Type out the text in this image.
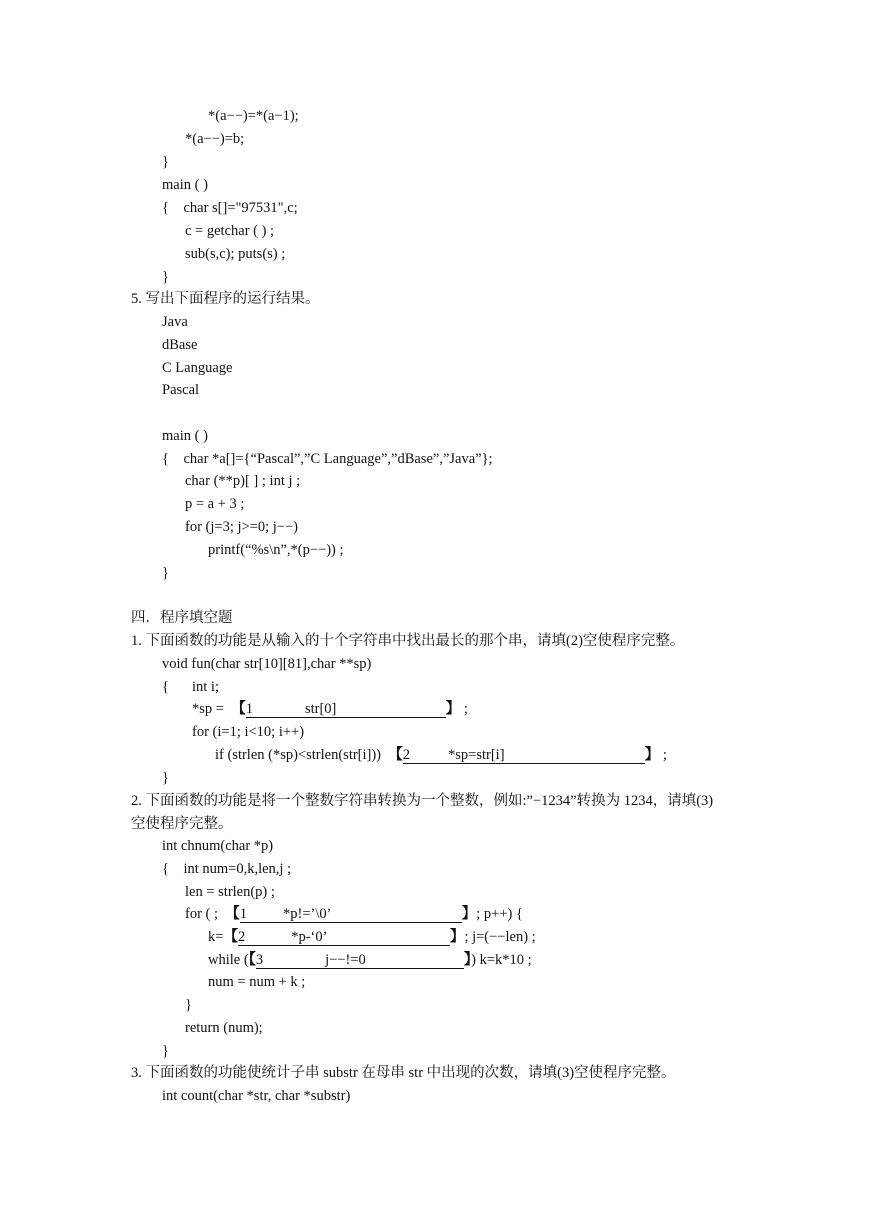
*(a−−)=*(a−1);
*(a−−)=b;
}
main ( )
{    char s[]="97531",c;
c = getchar ( ) ;
sub(s,c); puts(s) ;
}
5. 写出下面程序的运行结果。
Java
dBase
C Language
Pascal
main ( )
{    char *a[]={“Pascal”,”C Language”,”dBase”,”Java”};
char (**p)[ ] ; int j ;
p = a + 3 ;
for (j=3; j>=0; j−−)
printf(“%s\n”,*(p−−)) ;
}
四．程序填空题
1. 下面函数的功能是从输入的十个字符串中找出最长的那个串，请填(2)空使程序完整。
void fun(char str[10][81],char **sp)
{ int i;
*sp =  【1	str[0]	】 ;
for (i=1; i<10; i++)
if (strlen (*sp)<strlen(str[i]))  【2	*sp=str[i]	】 ;
}
2. 下面函数的功能是将一个整数字符串转换为一个整数，例如:”−1234”转换为 1234，请填(3)
空使程序完整。
int chnum(char *p)
{    int num=0,k,len,j ;
len = strlen(p) ;
for ( ;  【1 *p!=’\0’	】; p++) {
k=【2	*p-‘0’	】; j=(−−len) ;
while (【3	j−−!=0	】) k=k*10 ;
num = num + k ;
}
return (num);
}
3. 下面函数的功能使统计子串 substr 在母串 str 中出现的次数，请填(3)空使程序完整。
int count(char *str, char *substr)
